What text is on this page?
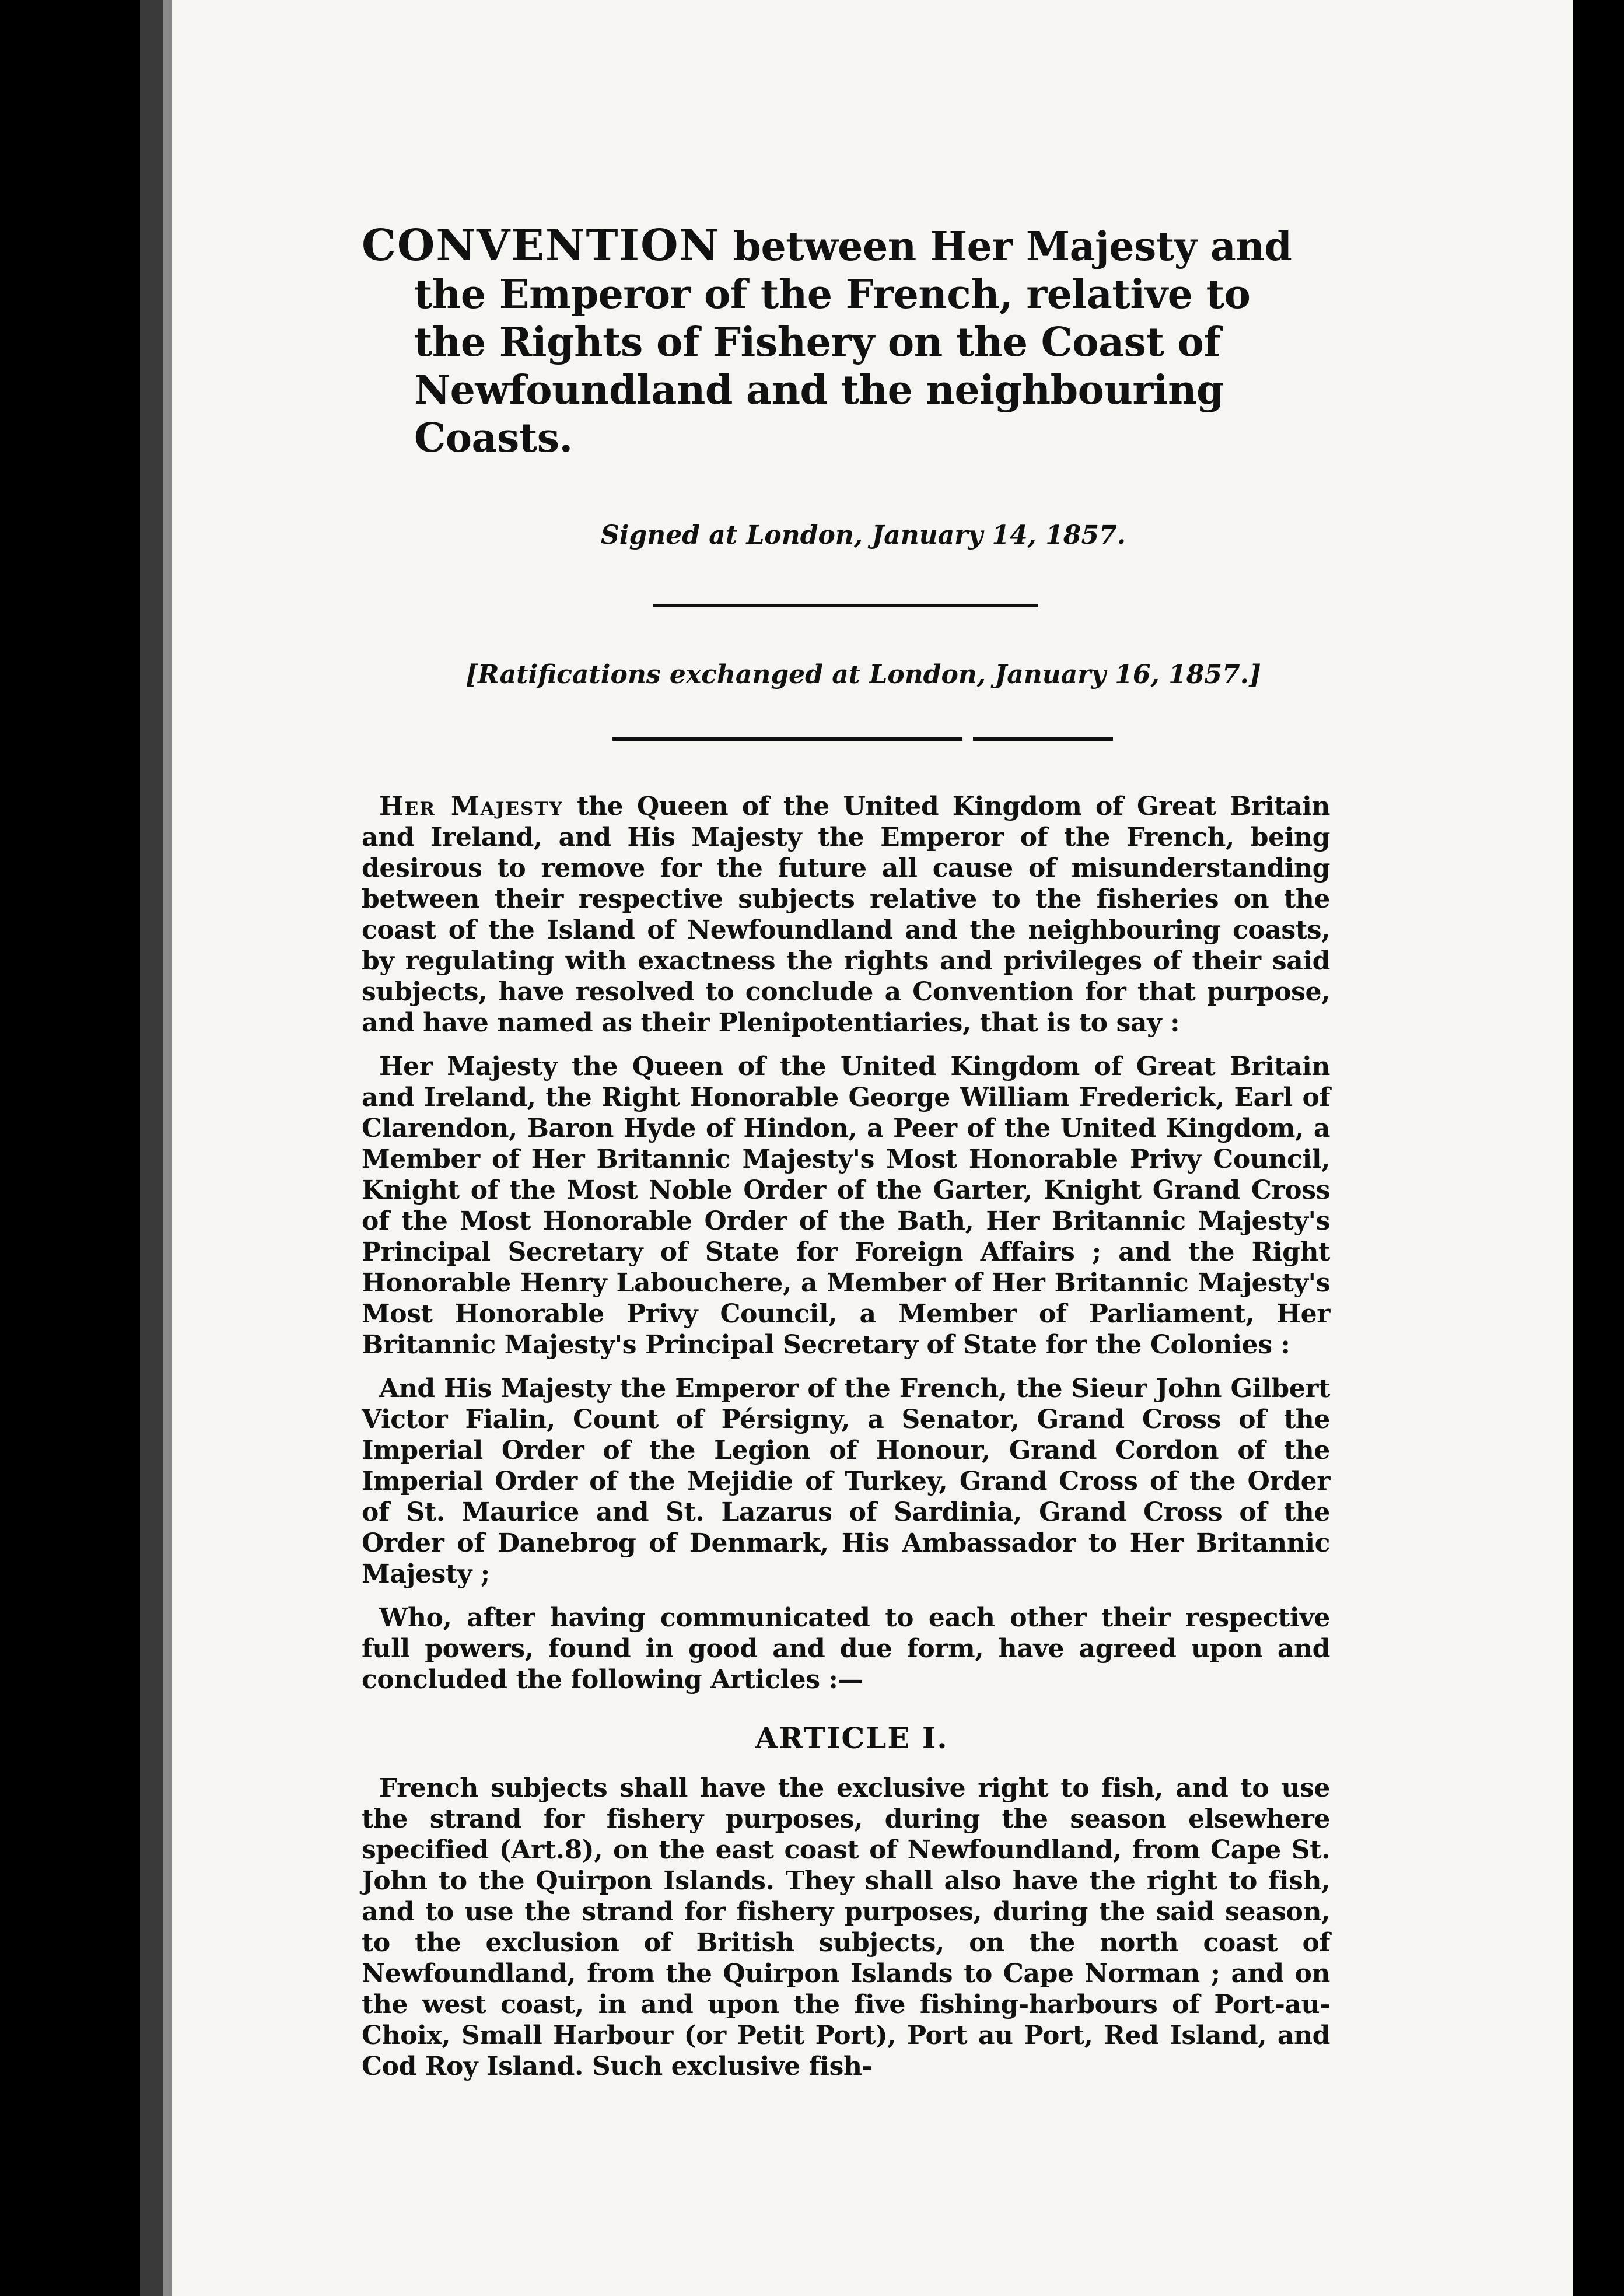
CONVENTION between Her Majesty and the Emperor of the French, relative to the Rights of Fishery on the Coast of Newfoundland and the neighbouring Coasts.
Signed at London, January 14, 1857.
[Ratifications exchanged at London, January 16, 1857.]

Her Majesty the Queen of the United Kingdom of Great Britain and Ireland, and His Majesty the Emperor of the French, being desirous to remove for the future all cause of misunderstanding between their respective subjects relative to the fisheries on the coast of the Island of Newfoundland and the neighbouring coasts, by regulating with exactness the rights and privileges of their said subjects, have resolved to conclude a Convention for that purpose, and have named as their Plenipotentiaries, that is to say :

Her Majesty the Queen of the United Kingdom of Great Britain and Ireland, the Right Honorable George William Frederick, Earl of Clarendon, Baron Hyde of Hindon, a Peer of the United Kingdom, a Member of Her Britannic Majesty's Most Honorable Privy Council, Knight of the Most Noble Order of the Garter, Knight Grand Cross of the Most Honorable Order of the Bath, Her Britannic Majesty's Principal Secretary of State for Foreign Affairs ; and the Right Honorable Henry Labouchere, a Member of Her Britannic Majesty's Most Honorable Privy Council, a Member of Parliament, Her Britannic Majesty's Principal Secretary of State for the Colonies :

And His Majesty the Emperor of the French, the Sieur John Gilbert Victor Fialin, Count of Pérsigny, a Senator, Grand Cross of the Imperial Order of the Legion of Honour, Grand Cordon of the Imperial Order of the Mejidie of Turkey, Grand Cross of the Order of St. Maurice and St. Lazarus of Sardinia, Grand Cross of the Order of Danebrog of Denmark, His Ambassador to Her Britannic Majesty ;

Who, after having communicated to each other their respective full powers, found in good and due form, have agreed upon and concluded the following Articles :—

ARTICLE I.

French subjects shall have the exclusive right to fish, and to use the strand for fishery purposes, during the season elsewhere specified (Art.8), on the east coast of Newfoundland, from Cape St. John to the Quirpon Islands. They shall also have the right to fish, and to use the strand for fishery purposes, during the said season, to the exclusion of British subjects, on the north coast of Newfoundland, from the Quirpon Islands to Cape Norman ; and on the west coast, in and upon the five fishing-harbours of Port-au-Choix, Small Harbour (or Petit Port), Port au Port, Red Island, and Cod Roy Island. Such exclusive fish-
